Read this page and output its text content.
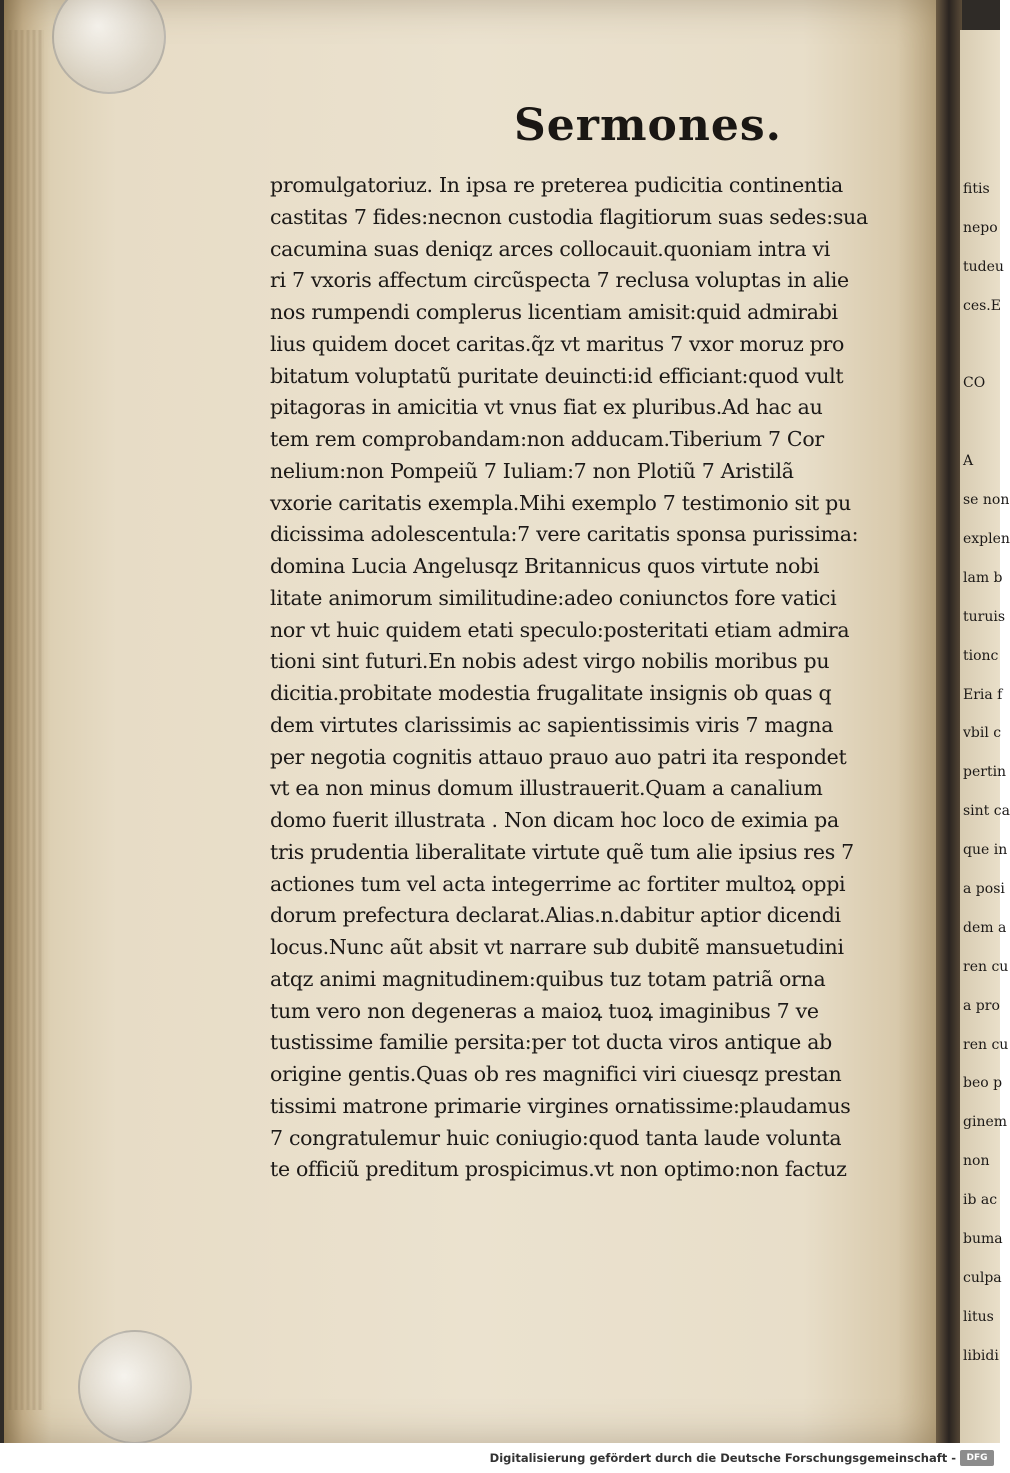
Sermones.
promulgatoriuz. In ipsa re preterea pudicitia continentia
castitas 7 fides:necnon custodia flagitiorum suas sedes:sua
cacumina suas deniqz arces collocauit.quoniam intra vi
ri 7 vxoris affectum circũspecta 7 reclusa voluptas in alie
nos rumpendi complerus licentiam amisit:quid admirabi
lius quidem docet caritas.q̃z vt maritus 7 vxor moruz pro
bitatum voluptatũ puritate deuincti:id efficiant:quod vult
pitagoras in amicitia vt vnus fiat ex pluribus.Ad hac au
tem rem comprobandam:non adducam.Tiberium 7 Cor
nelium:non Pompeiũ 7 Iuliam:7 non Plotiũ 7 Aristilã
vxorie caritatis exempla.Mihi exemplo 7 testimonio sit pu
dicissima adolescentula:7 vere caritatis sponsa purissima:
domina Lucia Angelusqz Britannicus quos virtute nobi
litate animorum similitudine:adeo coniunctos fore vatici
nor vt huic quidem etati speculo:posteritati etiam admira
tioni sint futuri.En nobis adest virgo nobilis moribus pu
dicitia.probitate modestia frugalitate insignis ob quas q
dem virtutes clarissimis ac sapientissimis viris 7 magna
per negotia cognitis attauo prauo auo patri ita respondet
vt ea non minus domum illustrauerit.Quam a canalium
domo fuerit illustrata . Non dicam hoc loco de eximia pa
tris prudentia liberalitate virtute quẽ tum alie ipsius res 7
actiones tum vel acta integerrime ac fortiter multoꝝ oppi
dorum prefectura declarat.Alias.n.dabitur aptior dicendi
locus.Nunc aũt absit vt narrare sub dubitẽ mansuetudini
atqz animi magnitudinem:quibus tuz totam patriã orna
tum vero non degeneras a maioꝝ tuoꝝ imaginibus 7 ve
tustissime familie persita:per tot ducta viros antique ab
origine gentis.Quas ob res magnifici viri ciuesqz prestan
tissimi matrone primarie virgines ornatissime:plaudamus
7 congratulemur huic coniugio:quod tanta laude volunta
te officiũ preditum prospicimus.vt non optimo:non factuz
fitis
nepo
tudeu
ces.E
CO
A
se non
explen
lam b
turuis
tionc
Eria f
vbil c
pertin
sint ca
que in
a posi
dem a
ren cu
a pro
ren cu
beo p
ginem
non
ib ac
buma
culpa
litus
libidi
Digitalisierung gefördert durch die Deutsche Forschungsgemeinschaft -	DFG
